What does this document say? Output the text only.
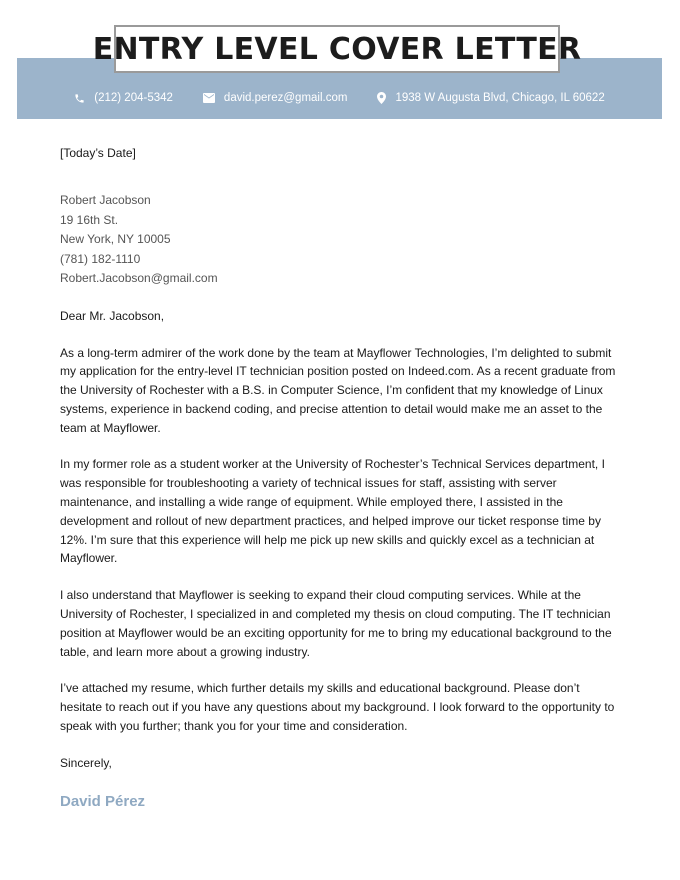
ENTRY LEVEL COVER LETTER
(212) 204-5342	david.perez@gmail.com	1938 W Augusta Blvd, Chicago, IL 60622

[Today’s Date]

Robert Jacobson

19 16th St.

New York, NY 10005

(781) 182-1110

Robert.Jacobson@gmail.com

Dear Mr. Jacobson,

As a long-term admirer of the work done by the team at Mayflower Technologies, I’m delighted to submit my application for the entry-level IT technician position posted on Indeed.com. As a recent graduate from the University of Rochester with a B.S. in Computer Science, I’m confident that my knowledge of Linux systems, experience in backend coding, and precise attention to detail would make me an asset to the team at Mayflower.

In my former role as a student worker at the University of Rochester’s Technical Services department, I was responsible for troubleshooting a variety of technical issues for staff, assisting with server maintenance, and installing a wide range of equipment. While employed there, I assisted in the development and rollout of new department practices, and helped improve our ticket response time by 12%. I’m sure that this experience will help me pick up new skills and quickly excel as a technician at Mayflower.

I also understand that Mayflower is seeking to expand their cloud computing services. While at the University of Rochester, I specialized in and completed my thesis on cloud computing. The IT technician position at Mayflower would be an exciting opportunity for me to bring my educational background to the table, and learn more about a growing industry.

I’ve attached my resume, which further details my skills and educational background. Please don’t hesitate to reach out if you have any questions about my background. I look forward to the opportunity to speak with you further; thank you for your time and consideration.

Sincerely,

David Pérez
